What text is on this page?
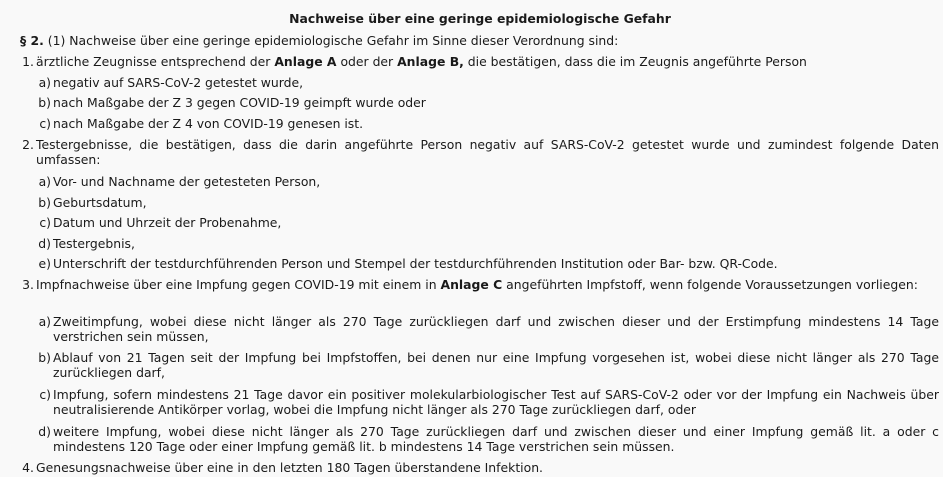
Nachweise über eine geringe epidemiologische Gefahr
§ 2. (1) Nachweise über eine geringe epidemiologische Gefahr im Sinne dieser Verordnung sind:
1. ärztliche Zeugnisse entsprechend der Anlage A oder der Anlage B, die bestätigen, dass die im Zeugnis angeführte Person
a) negativ auf SARS-CoV-2 getestet wurde,
b) nach Maßgabe der Z 3 gegen COVID-19 geimpft wurde oder
c) nach Maßgabe der Z 4 von COVID-19 genesen ist.
2. Testergebnisse, die bestätigen, dass die darin angeführte Person negativ auf SARS-CoV-2 getestet wurde und zumindest folgende Daten umfassen:
a) Vor- und Nachname der getesteten Person,
b) Geburtsdatum,
c) Datum und Uhrzeit der Probenahme,
d) Testergebnis,
e) Unterschrift der testdurchführenden Person und Stempel der testdurchführenden Institution oder Bar- bzw. QR-Code.
3. Impfnachweise über eine Impfung gegen COVID-19 mit einem in Anlage C angeführten Impfstoff, wenn folgende Voraussetzungen vorliegen:
a) Zweitimpfung, wobei diese nicht länger als 270 Tage zurückliegen darf und zwischen dieser und der Erstimpfung mindestens 14 Tage verstrichen sein müssen,
b) Ablauf von 21 Tagen seit der Impfung bei Impfstoffen, bei denen nur eine Impfung vorgesehen ist, wobei diese nicht länger als 270 Tage zurückliegen darf,
c) Impfung, sofern mindestens 21 Tage davor ein positiver molekularbiologischer Test auf SARS-CoV-2 oder vor der Impfung ein Nachweis über neutralisierende Antikörper vorlag, wobei die Impfung nicht länger als 270 Tage zurückliegen darf, oder
d) weitere Impfung, wobei diese nicht länger als 270 Tage zurückliegen darf und zwischen dieser und einer Impfung gemäß lit. a oder c mindestens 120 Tage oder einer Impfung gemäß lit. b mindestens 14 Tage verstrichen sein müssen.
4. Genesungsnachweise über eine in den letzten 180 Tagen überstandene Infektion.
